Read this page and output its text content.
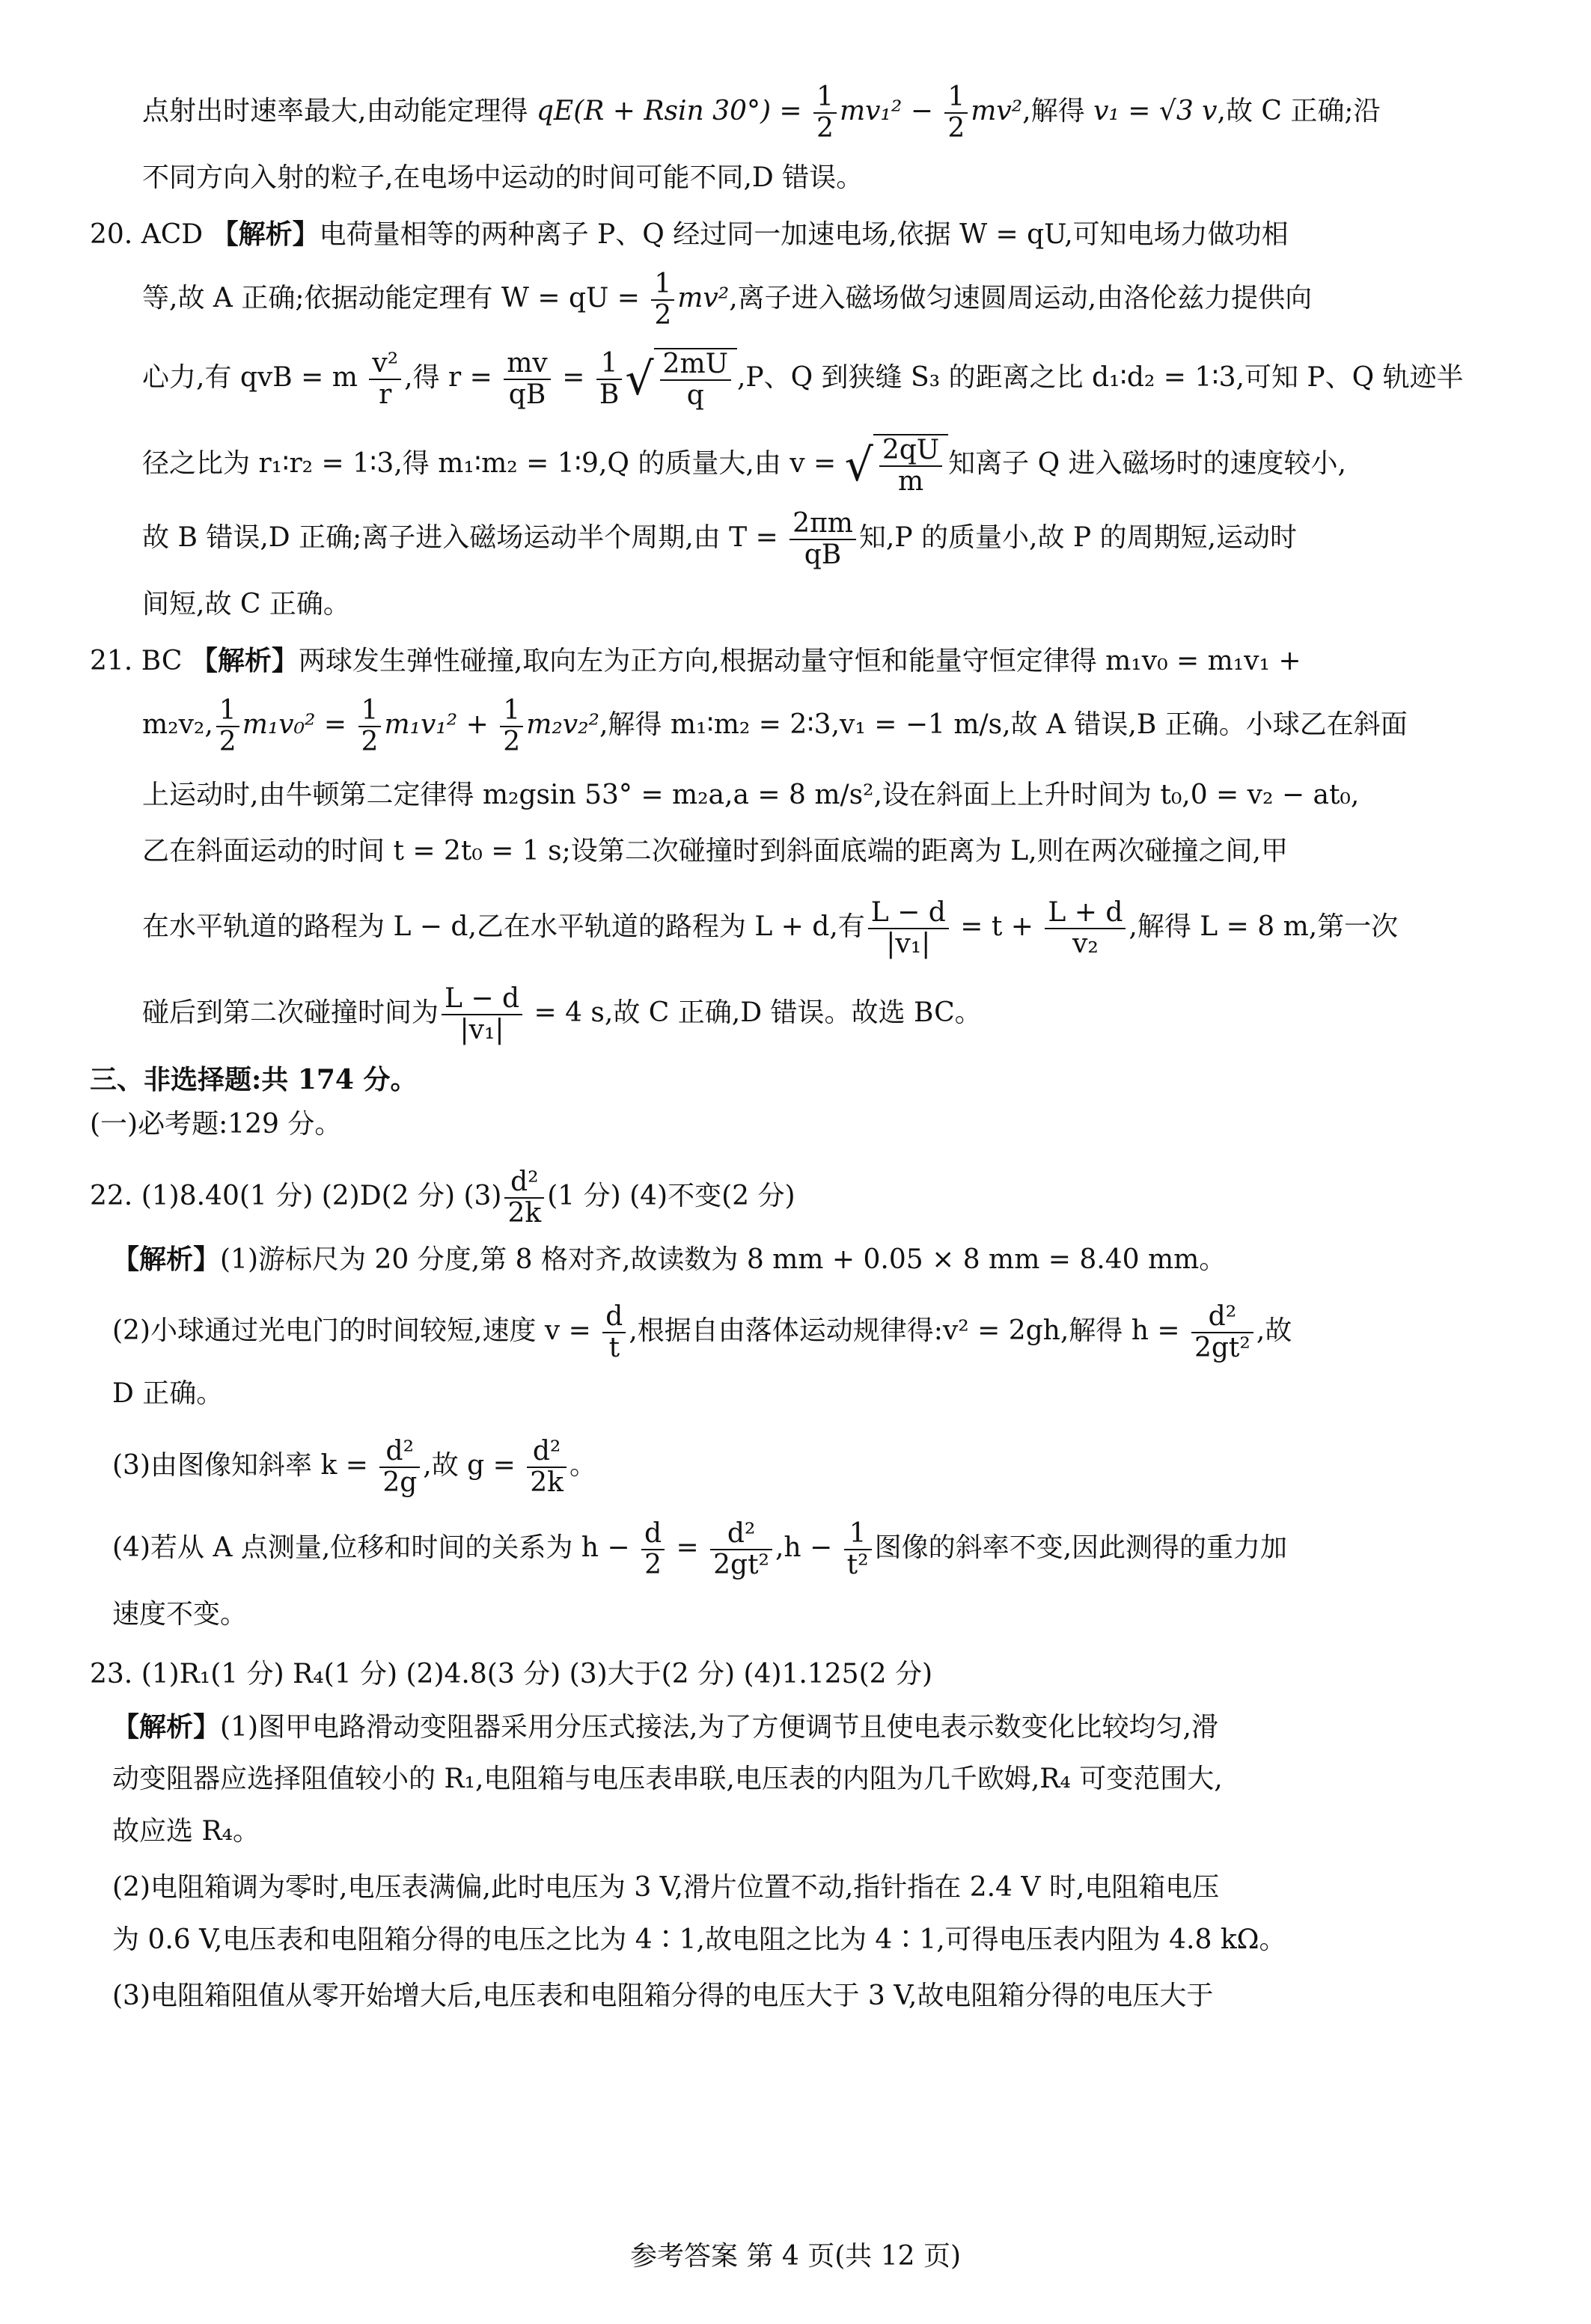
点射出时速率最大,由动能定理得 qE(R + Rsin $30^\circ) = \frac{1}{2} mv_1^2 - \frac{1}{2} mv^2$,解得 v₁ = √3 v,故 C 正确;沿
不同方向入射的粒子,在电场中运动的时间可能不同,D 错误。
20. ACD 【解析】电荷量相等的两种离子 P、Q 经过同一加速电场,依据 W = qU,可知电场力做功相
等,故 A 正确;依据动能定理有 W = qU = $\frac{1}{2} mv^2$,离子进入磁场做匀速圆周运动,由洛伦兹力提供向
心力,有 qvB = m $\frac{\text{v²}}{r}$ ,得 $r = \frac{mv}{qB} = \frac{1}{B}$ √ $\frac{2mU}{q} ,P$、Q 到狭缝 S₃ 的距离之比 d₁∶d₂ = 1∶3,可知 P、Q 轨迹半
径之比为 r₁∶r₂ = 1∶3,得 m₁∶m₂ = 1∶9,Q 的质量大,由 v = √ $\frac{2qU}{m}$ 知离子 Q 进入磁场时的速度较小,
故 B 错误,D 正确;离子进入磁场运动半个周期,由 $T = \frac{2\pi m}{qB}$ 知,P 的质量小,故 P 的周期短,运动时
间短,故 C 正确。
21. BC 【解析】两球发生弹性碰撞,取向左为正方向,根据动量守恒和能量守恒定律得 m₁v₀ = m₁v₁ +
m₂v₂, $\frac{1}{2} m_1v_0^2 = \frac{1}{2} m_1v_1^2 + \frac{1}{2} m_2v_2^2$,解得 m₁∶m₂ = 2∶3,v₁ = −1 m/s,故 A 错误,B 正确。小球乙在斜面
上运动时,由牛顿第二定律得 m₂gsin 53° = m₂a,a = 8 m/s²,设在斜面上上升时间为 t₀,0 = v₂ − at₀,
乙在斜面运动的时间 t = 2t₀ = 1 s;设第二次碰撞时到斜面底端的距离为 L,则在两次碰撞之间,甲
在水平轨道的路程为 L − d,乙在水平轨道的路程为 L + d,有 $\frac{L - d}{\text{|v₁|}} = t + \frac{L + d}{\text{v₂}}$ ,解得 L = 8 m,第一次
碰后到第二次碰撞时间为 $\frac{L - d}{\text{|v₁|}} = 4$ s,故 C 正确,D 错误。故选 BC。
三、非选择题:共 174 分。
(一)必考题:129 分。
22. (1)8.40(1 分) (2)D(2 分) $(3) \frac{\text{d²}}{2k} (1$ 分) (4)不变(2 分)
【解析】(1)游标尺为 20 分度,第 8 格对齐,故读数为 8 mm + 0.05 × 8 mm = 8.40 mm。
(2)小球通过光电门的时间较短,速度 $v = \frac{d}{t}$ ,根据自由落体运动规律得:v² = 2gh,解得 $h = \frac{\text{d²}}{\text{2gt²}}$ ,故
D 正确。
(3)由图像知斜率 $k = \frac{\text{d²}}{2g}$ ,故 $g = \frac{\text{d²}}{2k}$ 。
(4)若从 A 点测量,位移和时间的关系为 $h - \frac{d}{2} = \frac{\text{d²}}{\text{2gt²}} ,h - \frac{1}{\text{t²}}$ 图像的斜率不变,因此测得的重力加
速度不变。
23. (1)R₁(1 分) R₄(1 分) (2)4.8(3 分) (3)大于(2 分) (4)1.125(2 分)
【解析】(1)图甲电路滑动变阻器采用分压式接法,为了方便调节且使电表示数变化比较均匀,滑
动变阻器应选择阻值较小的 R₁,电阻箱与电压表串联,电压表的内阻为几千欧姆,R₄ 可变范围大,
故应选 R₄。
(2)电阻箱调为零时,电压表满偏,此时电压为 3 V,滑片位置不动,指针指在 2.4 V 时,电阻箱电压
为 0.6 V,电压表和电阻箱分得的电压之比为 4∶1,故电阻之比为 4∶1,可得电压表内阻为 4.8 kΩ。
(3)电阻箱阻值从零开始增大后,电压表和电阻箱分得的电压大于 3 V,故电阻箱分得的电压大于
参考答案 第 4 页(共 12 页)
